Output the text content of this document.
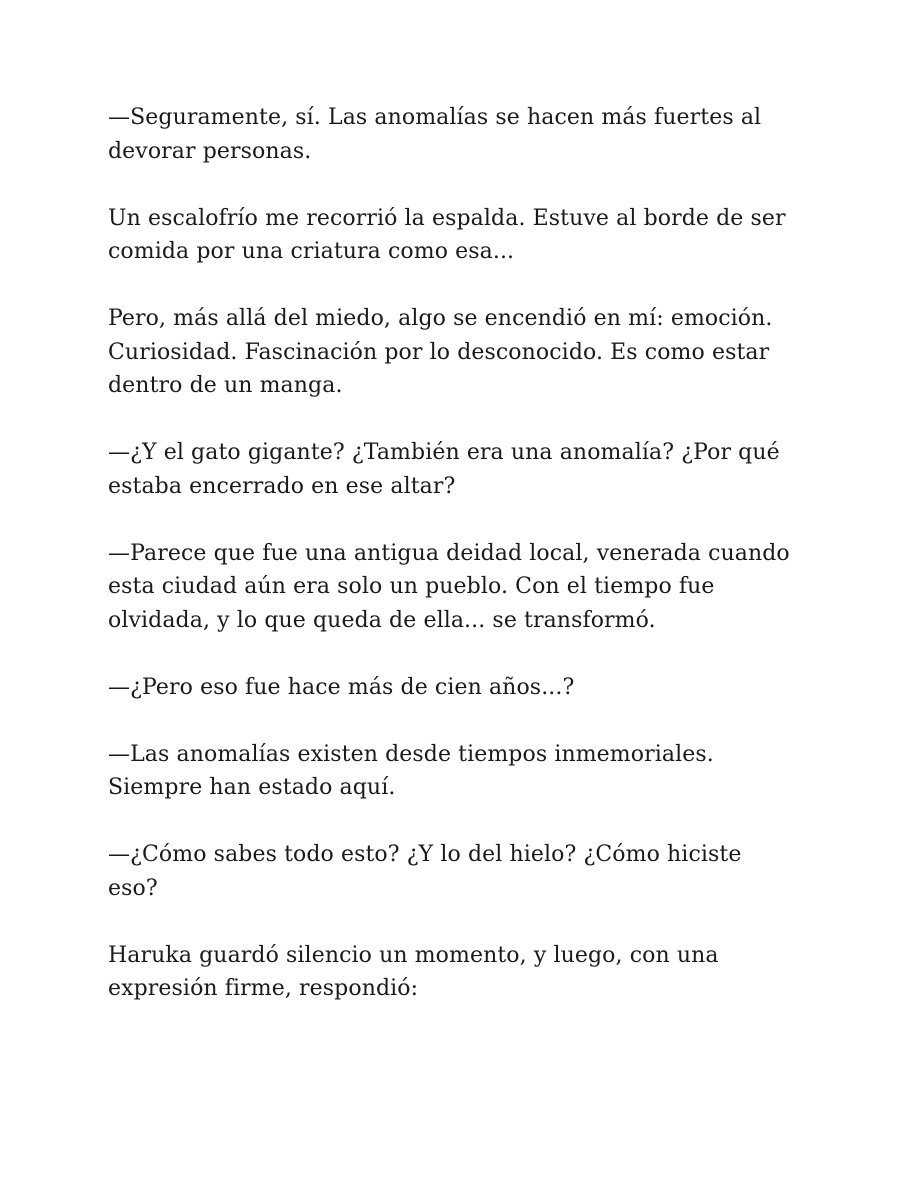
—Seguramente, sí. Las anomalías se hacen más fuertes al
devorar personas.

Un escalofrío me recorrió la espalda. Estuve al borde de ser
comida por una criatura como esa...

Pero, más allá del miedo, algo se encendió en mí: emoción.
Curiosidad. Fascinación por lo desconocido. Es como estar
dentro de un manga.

—¿Y el gato gigante? ¿También era una anomalía? ¿Por qué
estaba encerrado en ese altar?

—Parece que fue una antigua deidad local, venerada cuando
esta ciudad aún era solo un pueblo. Con el tiempo fue
olvidada, y lo que queda de ella... se transformó.

—¿Pero eso fue hace más de cien años...?

—Las anomalías existen desde tiempos inmemoriales.
Siempre han estado aquí.

—¿Cómo sabes todo esto? ¿Y lo del hielo? ¿Cómo hiciste
eso?

Haruka guardó silencio un momento, y luego, con una
expresión firme, respondió:
